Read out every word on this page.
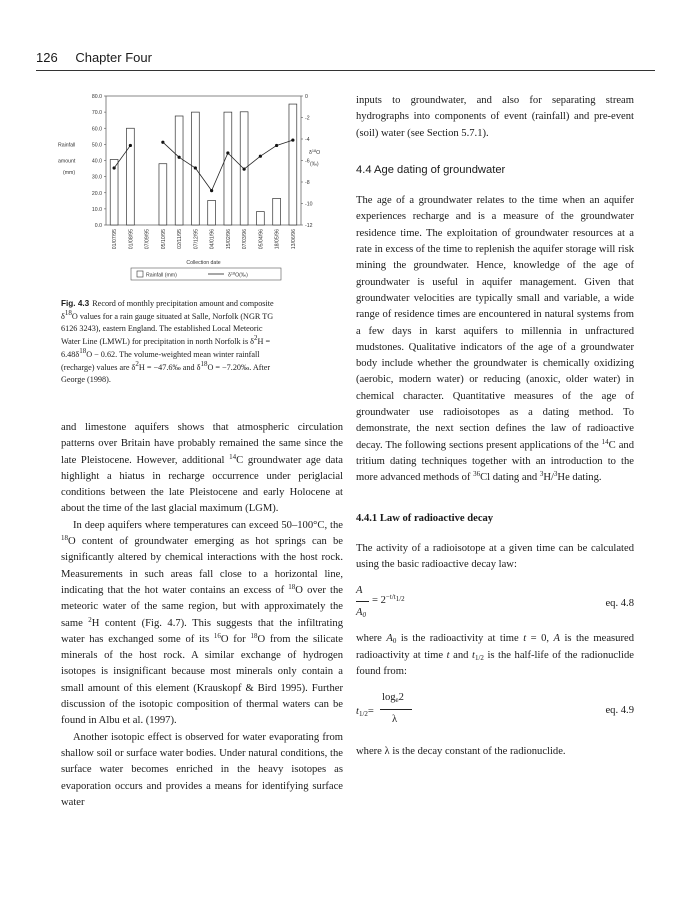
126 Chapter Four
0.0
10.0
20.0
30.0
40.0
50.0
60.0
70.0
80.0	0
-2
-4
-6
-8
-10
-12
01/07/95 01/08/95 07/09/95 05/10/95 02/11/95 07/12/95 04/01/96 15/02/96 07/03/96 05/04/96 18/05/96 13/06/96
Rainfall
amount
(mm)
$\delta^{18}O$
(‰)
Collection date
Rainfall (mm)	$\delta^{18}O(‰)$
Fig. 4.3 Record of monthly precipitation amount and composite
$\delta^{18}O$ values for a rain gauge situated at Salle, Norfolk (NGR TG
6126 3243), eastern England. The established Local Meteoric
Water Line (LMWL) for precipitation in north Norfolk is $\delta^2H$ =
$6.48\delta^{18}O - 0.62$. The volume-weighted mean winter rainfall
(recharge) values are $\delta^2H$ = −47.6‰ and $\delta^{18}O$ = −7.20‰. After
George (1998).

and limestone aquifers shows that atmospheric circulation patterns over Britain have probably remained the same since the late Pleistocene. However, additional $^{14}$C groundwater age data highlight a hiatus in recharge occurrence under periglacial conditions between the late Pleistocene and early Holocene at about the time of the last glacial maximum (LGM).

In deep aquifers where temperatures can exceed 50–100°C, the $^{18}$O content of groundwater emerging as hot springs can be significantly altered by chemical interactions with the host rock. Measurements in such areas fall close to a horizontal line, indicating that the hot water contains an excess of $^{18}$O over the meteoric water of the same region, but with approximately the same $^2$H content (Fig. 4.7). This suggests that the infiltrating water has exchanged some of its $^{16}$O for $^{18}$O from the silicate minerals of the host rock. A similar exchange of hydrogen isotopes is insignificant because most minerals only contain a small amount of this element (Krauskopf & Bird 1995). Further discussion of the isotopic composition of thermal waters can be found in Albu et al. (1997).

Another isotopic effect is observed for water evaporating from shallow soil or surface water bodies. Under natural conditions, the surface water becomes enriched in the heavy isotopes as evaporation occurs and provides a means for identifying surface water

inputs to groundwater, and also for separating stream hydrographs into components of event (rainfall) and pre-event (soil) water (see Section 5.7.1).

4.4 Age dating of groundwater

The age of a groundwater relates to the time when an aquifer experiences recharge and is a measure of the groundwater residence time. The exploitation of groundwater resources at a rate in excess of the time to replenish the aquifer storage will risk mining the groundwater. Hence, knowledge of the age of groundwater is useful in aquifer management. Given that groundwater velocities are typically small and variable, a wide range of residence times are encountered in natural systems from a few days in karst aquifers to millennia in unfractured mudstones. Qualitative indicators of the age of a groundwater body include whether the groundwater is chemically oxidizing (aerobic, modern water) or reducing (anoxic, older water) in chemical character. Quantitative measures of the age of groundwater use radioisotopes as a dating method. To demonstrate, the next section defines the law of radioactive decay. The following sections present applications of the $^{14}$C and tritium dating techniques together with an introduction to the more advanced methods of $^{36}$Cl dating and $^3$H/$^3$He dating.

4.4.1 Law of radioactive decay

The activity of a radioisotope at a given time can be calculated using the basic radioactive decay law:

A
$A_0$
= $2^{-t/t_{1/2}}$	eq. 4.8

where $A_0$ is the radioactivity at time t = 0, A is the measured radioactivity at time t and $t_{1/2}$ is the half-life of the radionuclide found from:

$t_{1/2}=$
$\log_e2$
λ
eq. 4.9

where λ is the decay constant of the radionuclide.
